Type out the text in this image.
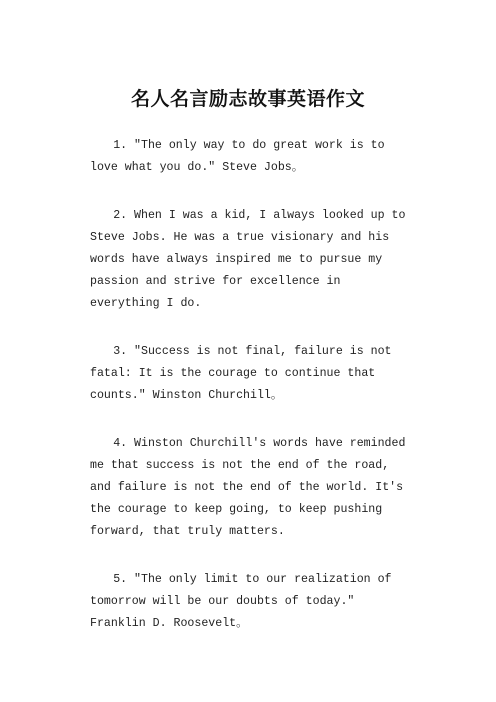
名人名言励志故事英语作文

1. "The only way to do great work is to love what you do." Steve Jobs。

2. When I was a kid, I always looked up to Steve Jobs. He was a true visionary and his words have always inspired me to pursue my passion and strive for excellence in everything I do.

3. "Success is not final, failure is not fatal: It is the courage to continue that counts." Winston Churchill。

4. Winston Churchill's words have reminded me that success is not the end of the road, and failure is not the end of the world. It's the courage to keep going, to keep pushing forward, that truly matters.

5. "The only limit to our realization of tomorrow will be our doubts of today." Franklin D. Roosevelt。
